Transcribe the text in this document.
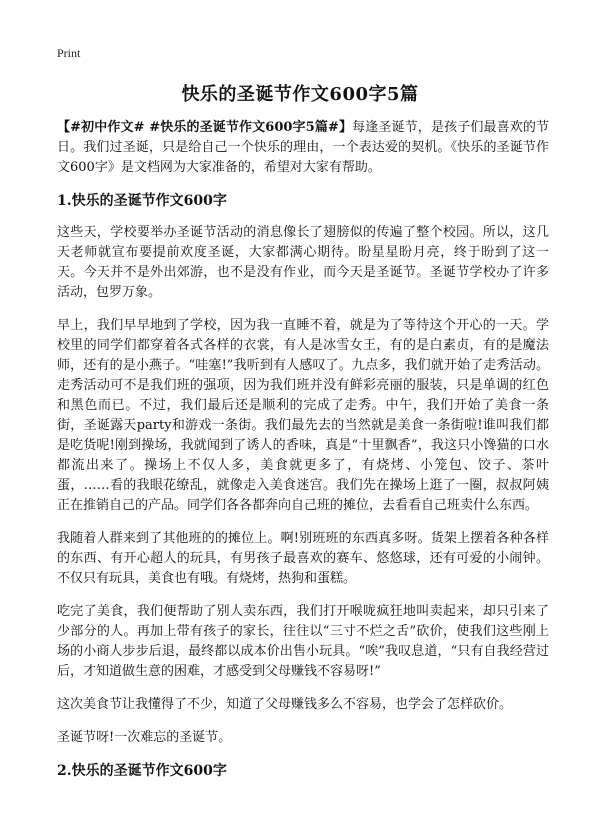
Print
快乐的圣诞节作文600字5篇

【#初中作文# #快乐的圣诞节作文600字5篇#】每逢圣诞节，是孩子们最喜欢的节日。我们过圣诞，只是给自己一个快乐的理由，一个表达爱的契机。《快乐的圣诞节作文600字》是文档网为大家准备的，希望对大家有帮助。

1.快乐的圣诞节作文600字

这些天，学校要举办圣诞节活动的消息像长了翅膀似的传遍了整个校园。所以，这几天老师就宣布要提前欢度圣诞，大家都满心期待。盼星星盼月亮，终于盼到了这一天。今天并不是外出郊游，也不是没有作业，而今天是圣诞节。圣诞节学校办了许多活动，包罗万象。

早上，我们早早地到了学校，因为我一直睡不着，就是为了等待这个开心的一天。学校里的同学们都穿着各式各样的衣裳，有人是冰雪女王，有的是白素贞，有的是魔法师，还有的是小燕子。“哇塞!”我听到有人感叹了。九点多，我们就开始了走秀活动。走秀活动可不是我们班的强项，因为我们班并没有鲜彩亮丽的服装，只是单调的红色和黑色而已。不过，我们最后还是顺利的完成了走秀。中午，我们开始了美食一条街，圣诞露天party和游戏一条街。我们最先去的当然就是美食一条街啦!谁叫我们都是吃货呢!刚到操场，我就闻到了诱人的香味，真是“十里飘香”，我这只小馋猫的口水都流出来了。操场上不仅人多，美食就更多了，有烧烤、小笼包、饺子、茶叶蛋，……看的我眼花缭乱，就像走入美食迷宫。我们先在操场上逛了一圈，叔叔阿姨正在推销自己的产品。同学们各各都奔向自己班的摊位，去看看自己班卖什么东西。

我随着人群来到了其他班的的摊位上。啊!别班班的东西真多呀。货架上摆着各种各样的东西、有开心超人的玩具，有男孩子最喜欢的赛车、悠悠球，还有可爱的小闹钟。不仅只有玩具，美食也有哦。有烧烤，热狗和蛋糕。

吃完了美食，我们便帮助了别人卖东西，我们打开喉咙疯狂地叫卖起来，却只引来了少部分的人。再加上带有孩子的家长，往往以“三寸不烂之舌”砍价，使我们这些刚上场的小商人步步后退，最终都以成本价出售小玩具。“唉”我叹息道，“只有自我经营过后，才知道做生意的困难，才感受到父母赚钱不容易呀!”

这次美食节让我懂得了不少，知道了父母赚钱多么不容易，也学会了怎样砍价。

圣诞节呀!一次难忘的圣诞节。

2.快乐的圣诞节作文600字
